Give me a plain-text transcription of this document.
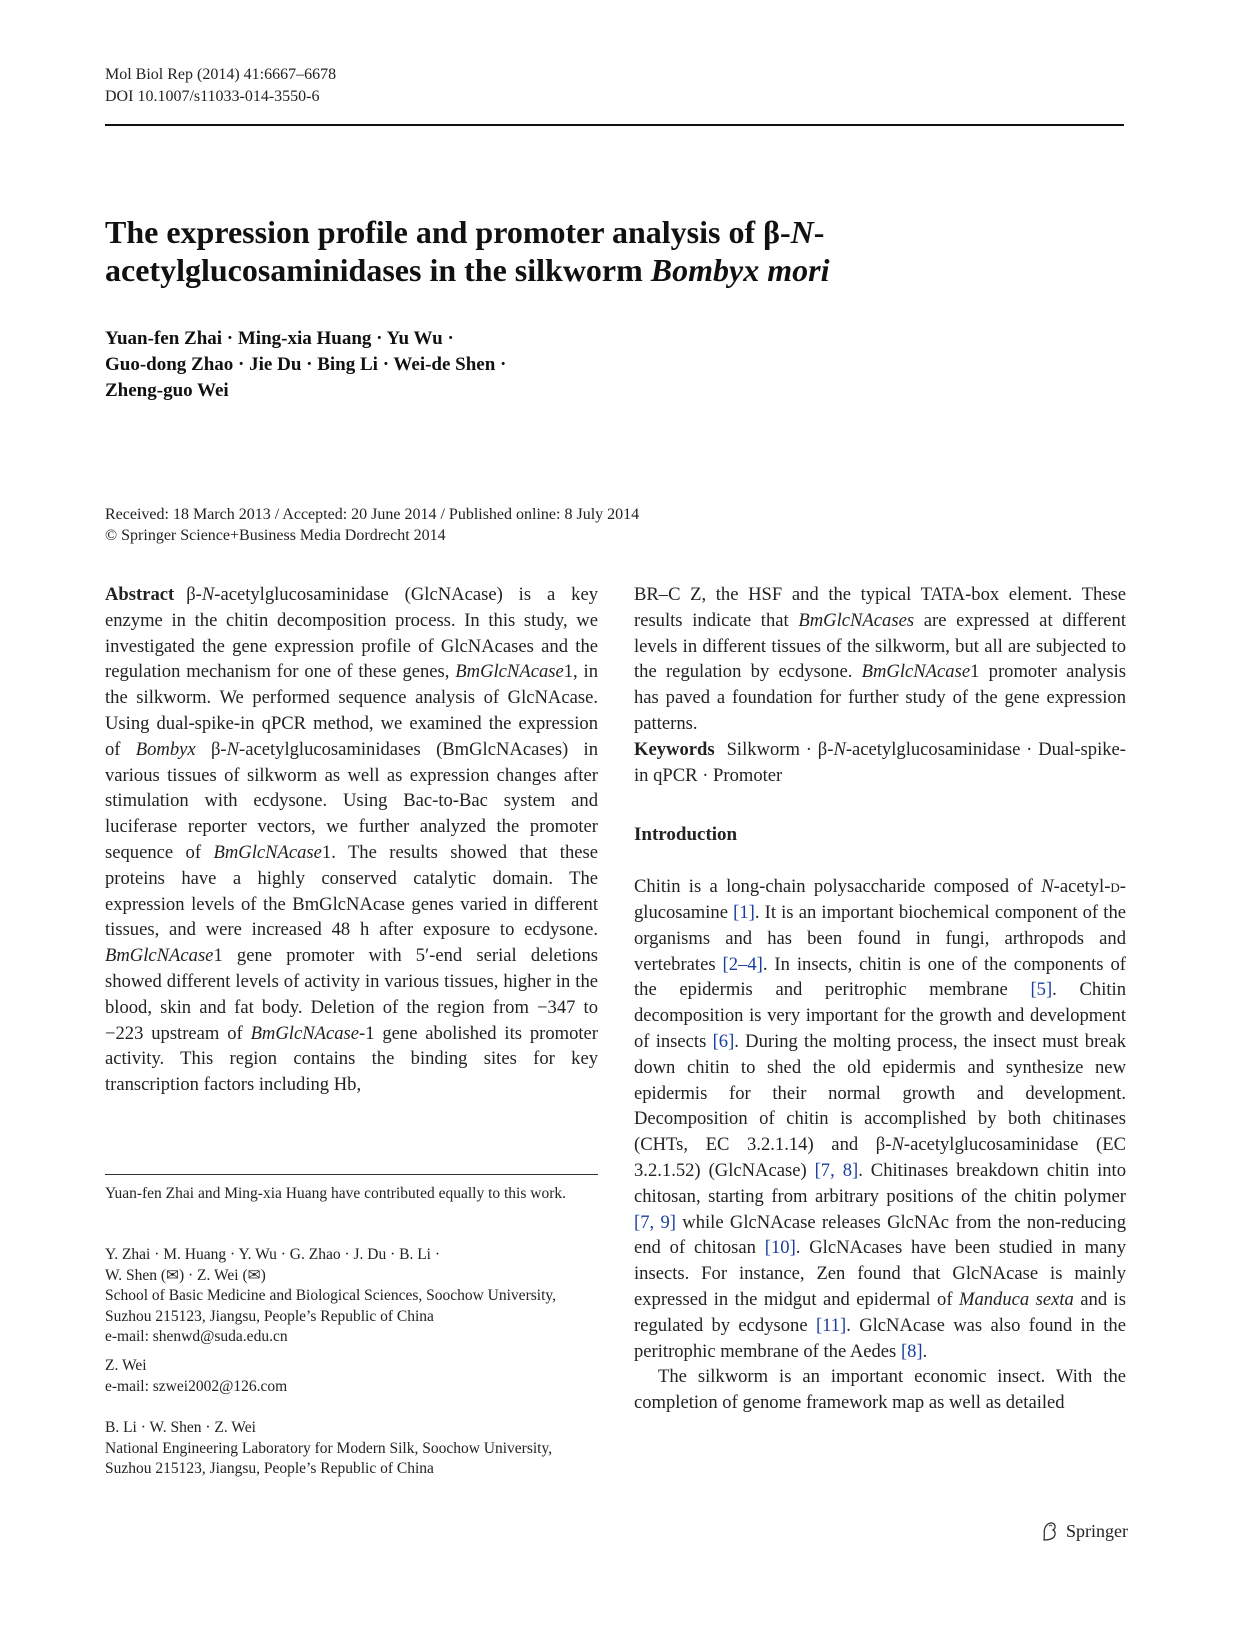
Mol Biol Rep (2014) 41:6667–6678
DOI 10.1007/s11033-014-3550-6
The expression profile and promoter analysis of β-N-acetylglucosaminidases in the silkworm Bombyx mori
Yuan-fen Zhai · Ming-xia Huang · Yu Wu ·
Guo-dong Zhao · Jie Du · Bing Li · Wei-de Shen ·
Zheng-guo Wei
Received: 18 March 2013 / Accepted: 20 June 2014 / Published online: 8 July 2014
© Springer Science+Business Media Dordrecht 2014

Abstract β-N-acetylglucosaminidase (GlcNAcase) is a key enzyme in the chitin decomposition process. In this study, we investigated the gene expression profile of GlcNAcases and the regulation mechanism for one of these genes, BmGlcNAcase1, in the silkworm. We performed sequence analysis of GlcNAcase. Using dual-spike-in qPCR method, we examined the expression of Bombyx β-N-acetylglucosaminidases (BmGlcNAcases) in various tissues of silkworm as well as expression changes after stimulation with ecdysone. Using Bac-to-Bac system and luciferase reporter vectors, we further analyzed the promoter sequence of BmGlcNAcase1. The results showed that these proteins have a highly conserved catalytic domain. The expression levels of the BmGlcNAcase genes varied in different tissues, and were increased 48 h after exposure to ecdysone. BmGlcNAcase1 gene promoter with 5′-end serial deletions showed different levels of activity in various tissues, higher in the blood, skin and fat body. Deletion of the region from −347 to −223 upstream of BmGlcNAcase-1 gene abolished its promoter activity. This region contains the binding sites for key transcription factors including Hb,

Yuan-fen Zhai and Ming-xia Huang have contributed equally to this work.
Y. Zhai · M. Huang · Y. Wu · G. Zhao · J. Du · B. Li ·
W. Shen (✉) · Z. Wei (✉)
School of Basic Medicine and Biological Sciences, Soochow University, Suzhou 215123, Jiangsu, People’s Republic of China
e-mail: shenwd@suda.edu.cn
Z. Wei
e-mail: szwei2002@126.com
B. Li · W. Shen · Z. Wei
National Engineering Laboratory for Modern Silk, Soochow University, Suzhou 215123, Jiangsu, People’s Republic of China

BR–C Z, the HSF and the typical TATA-box element. These results indicate that BmGlcNAcases are expressed at different levels in different tissues of the silkworm, but all are subjected to the regulation by ecdysone. BmGlcNAcase1 promoter analysis has paved a foundation for further study of the gene expression patterns.

Keywords Silkworm · β-N-acetylglucosaminidase · Dual-spike-in qPCR · Promoter

Introduction

Chitin is a long-chain polysaccharide composed of N-acetyl-d-glucosamine [1]. It is an important biochemical component of the organisms and has been found in fungi, arthropods and vertebrates [2–4]. In insects, chitin is one of the components of the epidermis and peritrophic membrane [5]. Chitin decomposition is very important for the growth and development of insects [6]. During the molting process, the insect must break down chitin to shed the old epidermis and synthesize new epidermis for their normal growth and development. Decomposition of chitin is accomplished by both chitinases (CHTs, EC 3.2.1.14) and β-N-acetylglucosaminidase (EC 3.2.1.52) (GlcNAcase) [7, 8]. Chitinases breakdown chitin into chitosan, starting from arbitrary positions of the chitin polymer [7, 9] while GlcNAcase releases GlcNAc from the non-reducing end of chitosan [10]. GlcNAcases have been studied in many insects. For instance, Zen found that GlcNAcase is mainly expressed in the midgut and epidermal of Manduca sexta and is regulated by ecdysone [11]. GlcNAcase was also found in the peritrophic membrane of the Aedes [8].

The silkworm is an important economic insect. With the completion of genome framework map as well as detailed

Springer
